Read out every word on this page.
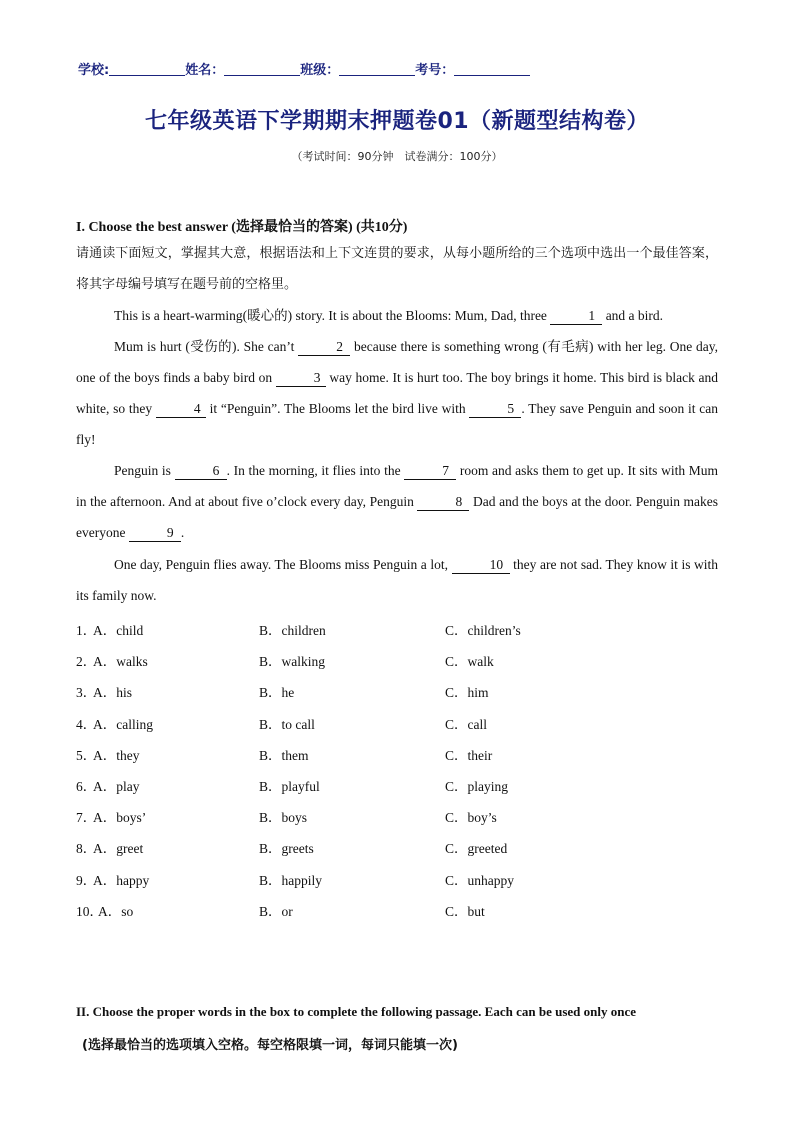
学校:	姓名：	班级：	考号：
七年级英语下学期期末押题卷01（新题型结构卷）
（考试时间：90分钟　试卷满分：100分）
I. Choose the best answer (选择最恰当的答案) (共10分)
请通读下面短文，掌握其大意，根据语法和上下文连贯的要求，从每小题所给的三个选项中选出一个最佳答案，将其字母编号填写在题号前的空格里。
This is a heart-warming(暖心的) story. It is about the Blooms: Mum, Dad, three	1 and a bird.
Mum is hurt (受伤的). She can’t	2 because there is something wrong (有毛病) with her leg. One day, one of the boys finds a baby bird on	3 way home. It is hurt too. The boy brings it home. This bird is black and white, so they	4 it “Penguin”. The Blooms let the bird live with	5 . They save Penguin and soon it can fly!
Penguin is	6 . In the morning, it flies into the	7 room and asks them to get up. It sits with Mum in the afternoon. And at about five o’clock every day, Penguin	8 Dad and the boys at the door. Penguin makes everyone	9 .
One day, Penguin flies away. The Blooms miss Penguin a lot,	10 they are not sad. They know it is with its family now.
1．
A．child	B．children	C．children’s
2．
A．walks	B．walking	C．walk
3．
A．his	B．he	C．him
4．
A．calling	B．to call	C．call
5．
A．they	B．them	C．their
6．
A．play	B．playful	C．playing
7．
A．boys’	B．boys	C．boy’s
8．
A．greet	B．greets	C．greeted
9．
A．happy	B．happily	C．unhappy
10．
A．so	B．or	C．but
II. Choose the proper words in the box to complete the following passage. Each can be used only once
(选择最恰当的选项填入空格。每空格限填一词，每词只能填一次)
